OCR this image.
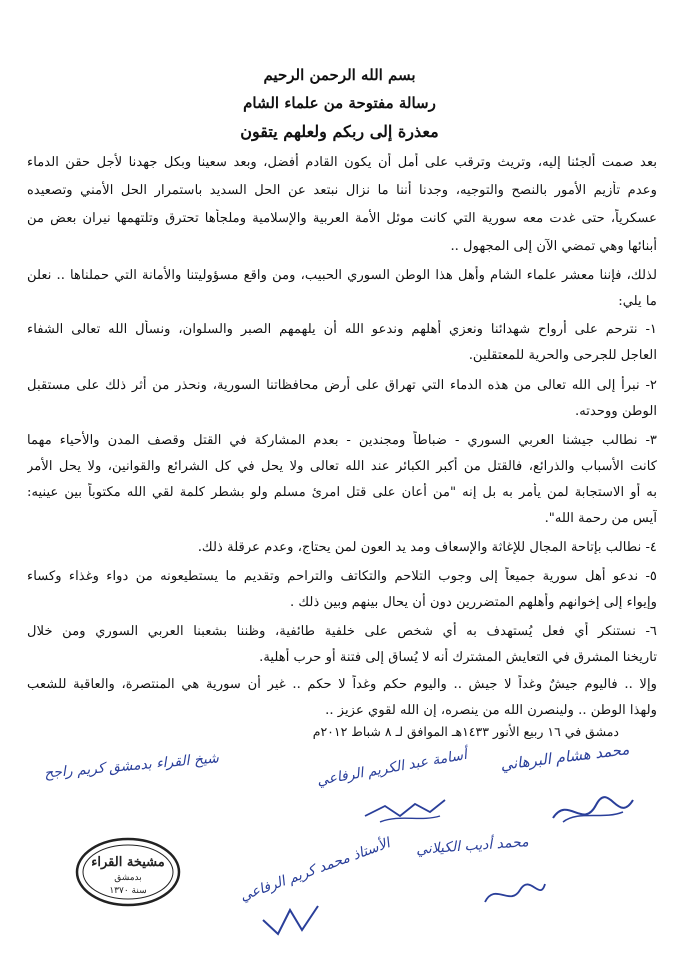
بسم الله الرحمن الرحيم
رسالة مفتوحة من علماء الشام
معذرة إلى ربكم ولعلهم يتقون
بعد صمت ألجئنا إليه، وتريث وترقب على أمل أن يكون القادم أفضل، وبعد سعينا وبكل جهدنا لأجل حقن الدماء
وعدم تأزيم الأمور بالنصح والتوجيه، وجدنا أننا ما نزال نبتعد عن الحل السديد باستمرار الحل الأمني وتصعيده
عسكرياً، حتى غدت معه سورية التي كانت موئل الأمة العربية والإسلامية وملجأها تحترق وتلتهمها نيران بعض من
أبنائها وهي تمضي الآن إلى المجهول ..
لذلك، فإننا معشر علماء الشام وأهل هذا الوطن السوري الحبيب، ومن واقع مسؤوليتنا والأمانة التي حملناها .. نعلن
ما يلي:
١- نترحم على أرواح شهدائنا ونعزي أهلهم وندعو الله أن يلهمهم الصبر والسلوان، ونسأل الله تعالى الشفاء
العاجل للجرحى والحرية للمعتقلين.
٢- نبرأ إلى الله تعالى من هذه الدماء التي تهراق على أرض محافظاتنا السورية، ونحذر من أثر ذلك على مستقبل
الوطن ووحدته.
٣- نطالب جيشنا العربي السوري - ضباطاً ومجندين - بعدم المشاركة في القتل وقصف المدن والأحياء مهما
كانت الأسباب والذرائع، فالقتل من أكبر الكبائر عند الله تعالى ولا يحل في كل الشرائع والقوانين، ولا يحل الأمر
به أو الاستجابة لمن يأمر به بل إنه "من أعان على قتل امرئ مسلم ولو بشطر كلمة لقي الله مكتوباً بين عينيه:
آيس من رحمة الله".
٤- نطالب بإتاحة المجال للإغاثة والإسعاف ومد يد العون لمن يحتاج، وعدم عرقلة ذلك.
٥- ندعو أهل سورية جميعاً إلى وجوب التلاحم والتكاتف والتراحم وتقديم ما يستطيعونه من دواء وغذاء وكساء
وإيواء إلى إخوانهم وأهلهم المتضررين دون أن يحال بينهم وبين ذلك .
٦- نستنكر أي فعل يُستهدف به أي شخص على خلفية طائفية، وظننا بشعبنا العربي السوري ومن خلال
تاريخنا المشرق في التعايش المشترك أنه لا يُساق إلى فتنة أو حرب أهلية.
وإلا .. فاليوم جيشٌ وغداً لا جيش .. واليوم حكم وغداً لا حكم .. غير أن سورية هي المنتصرة، والعاقبة للشعب
ولهذا الوطن .. ولينصرن الله من ينصره، إن الله لقوي عزيز ..
دمشق في ١٦ ربيع الأنور ١٤٣٣هـ الموافق لـ ٨ شباط ٢٠١٢م
محمد هشام البرهاني
أسامة عبد الكريم الرفاعي
شيخ القراء بدمشق كريم راجح
محمد أديب الكيلاني
الأستاذ محمد كريم الرفاعي
مشيخة القراء
بدمشق
سنة ١٣٧٠
